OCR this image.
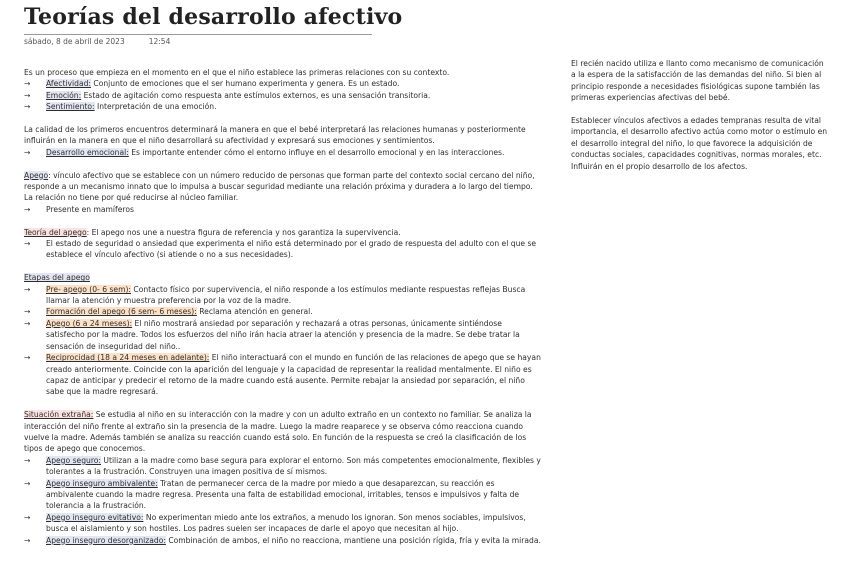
Teorías del desarrollo afectivo
sábado, 8 de abril de 2023	12:54

Es un proceso que empieza en el momento en el que el niño establece las primeras relaciones con su contexto.

→ Afectividad: Conjunto de emociones que el ser humano experimenta y genera. Es un estado.

→ Emoción: Estado de agitación como respuesta ante estímulos externos, es una sensación transitoria.

→ Sentimiento: Interpretación de una emoción.

La calidad de los primeros encuentros determinará la manera en que el bebé interpretará las relaciones humanas y posteriormente influirán en la manera en que el niño desarrollará su afectividad y expresará sus emociones y sentimientos.

→ Desarrollo emocional: Es importante entender cómo el entorno influye en el desarrollo emocional y en las interacciones.

Apego: vínculo afectivo que se establece con un número reducido de personas que forman parte del contexto social cercano del niño, responde a un mecanismo innato que lo impulsa a buscar seguridad mediante una relación próxima y duradera a lo largo del tiempo. La relación no tiene por qué reducirse al núcleo familiar.

→ Presente en mamíferos

Teoría del apego: El apego nos une a nuestra figura de referencia y nos garantiza la supervivencia.

→ El estado de seguridad o ansiedad que experimenta el niño está determinado por el grado de respuesta del adulto con el que se establece el vínculo afectivo (si atiende o no a sus necesidades).

Etapas del apego

→ Pre- apego (0- 6 sem): Contacto físico por supervivencia, el niño responde a los estímulos mediante respuestas reflejas Busca llamar la atención y muestra preferencia por la voz de la madre.

→ Formación del apego (6 sem- 6 meses): Reclama atención en general.

→ Apego (6 a 24 meses): El niño mostrará ansiedad por separación y rechazará a otras personas, únicamente sintiéndose satisfecho por la madre. Todos los esfuerzos del niño irán hacia atraer la atención y presencia de la madre. Se debe tratar la sensación de inseguridad del niño..

→ Reciprocidad (18 a 24 meses en adelante): El niño interactuará con el mundo en función de las relaciones de apego que se hayan creado anteriormente. Coincide con la aparición del lenguaje y la capacidad de representar la realidad mentalmente. El niño es capaz de anticipar y predecir el retorno de la madre cuando está ausente. Permite rebajar la ansiedad por separación, el niño sabe que la madre regresará.

Situación extraña: Se estudia al niño en su interacción con la madre y con un adulto extraño en un contexto no familiar. Se analiza la interacción del niño frente al extraño sin la presencia de la madre. Luego la madre reaparece y se observa cómo reacciona cuando vuelve la madre. Además también se analiza su reacción cuando está solo. En función de la respuesta se creó la clasificación de los tipos de apego que conocemos.

→ Apego seguro: Utilizan a la madre como base segura para explorar el entorno. Son más competentes emocionalmente, flexibles y tolerantes a la frustración. Construyen una imagen positiva de sí mismos.

→ Apego inseguro ambivalente: Tratan de permanecer cerca de la madre por miedo a que desaparezcan, su reacción es ambivalente cuando la madre regresa. Presenta una falta de estabilidad emocional, irritables, tensos e impulsivos y falta de tolerancia a la frustración.

→ Apego inseguro evitativo: No experimentan miedo ante los extraños, a menudo los ignoran. Son menos sociables, impulsivos, busca el aislamiento y son hostiles. Los padres suelen ser incapaces de darle el apoyo que necesitan al hijo.

→ Apego inseguro desorganizado: Combinación de ambos, el niño no reacciona, mantiene una posición rígida, fría y evita la mirada.

El recién nacido utiliza e llanto como mecanismo de comunicación a la espera de la satisfacción de las demandas del niño. Si bien al principio responde a necesidades fisiológicas supone también las primeras experiencias afectivas del bebé.

Establecer vínculos afectivos a edades tempranas resulta de vital importancia, el desarrollo afectivo actúa como motor o estímulo en el desarrollo integral del niño, lo que favorece la adquisición de conductas sociales, capacidades cognitivas, normas morales, etc. Influirán en el propio desarrollo de los afectos.
